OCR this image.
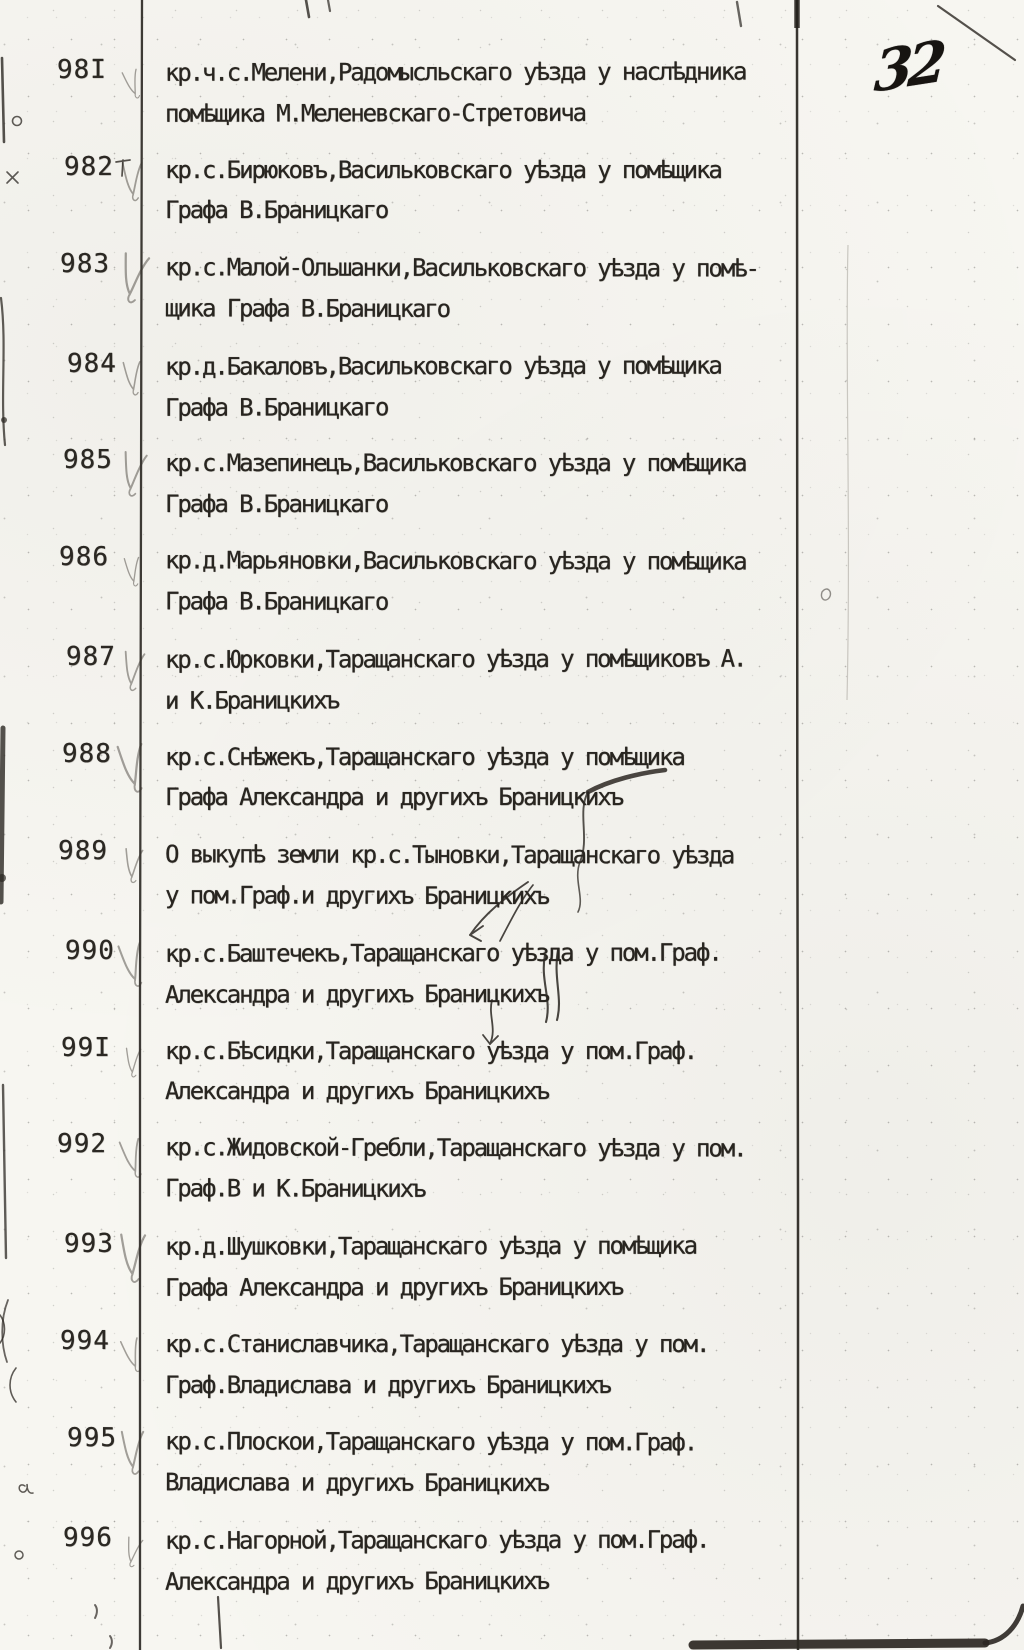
32
98I	кр.ч.с.Мелени,Радомысльскаго уѣзда у наслѣдника
помѣщика М.Меленевскаго-Стретовича
982	кр.с.Бирюковъ,Васильковскаго уѣзда у помѣщика
Графа В.Браницкаго
983	кр.с.Малой-Ольшанки,Васильковскаго уѣзда у помѣ-
щика Графа В.Браницкаго
984	кр.д.Бакаловъ,Васильковскаго уѣзда у помѣщика
Графа В.Браницкаго
985	кр.с.Мазепинецъ,Васильковскаго уѣзда у помѣщика
Графа В.Браницкаго
986	кр.д.Марьяновки,Васильковскаго уѣзда у помѣщика
Графа В.Браницкаго
987	кр.с.Юрковки,Таращанскаго уѣзда у помѣщиковъ А.
и К.Браницкихъ
988	кр.с.Снѣжекъ,Таращанскаго уѣзда у помѣщика
Графа Александра и другихъ Браницкихъ
989	О выкупѣ земли кр.с.Тыновки,Таращанскаго уѣзда
у пом.Граф.и другихъ Браницкихъ
990	кр.с.Баштечекъ,Таращанскаго уѣзда у пом.Граф.
Александра и другихъ Браницкихъ
99I	кр.с.Бѣсидки,Таращанскаго уѣзда у пом.Граф.
Александра и другихъ Браницкихъ
992	кр.с.Жидовской-Гребли,Таращанскаго уѣзда у пом.
Граф.В и К.Браницкихъ
993	кр.д.Шушковки,Таращанскаго уѣзда у помѣщика
Графа Александра и другихъ Браницкихъ
994	кр.с.Станиславчика,Таращанскаго уѣзда у пом.
Граф.Владислава и другихъ Браницкихъ
995	кр.с.Плоскои,Таращанскаго уѣзда у пом.Граф.
Владислава и другихъ Браницкихъ
996	кр.с.Нагорной,Таращанскаго уѣзда у пом.Граф.
Александра и другихъ Браницкихъ
